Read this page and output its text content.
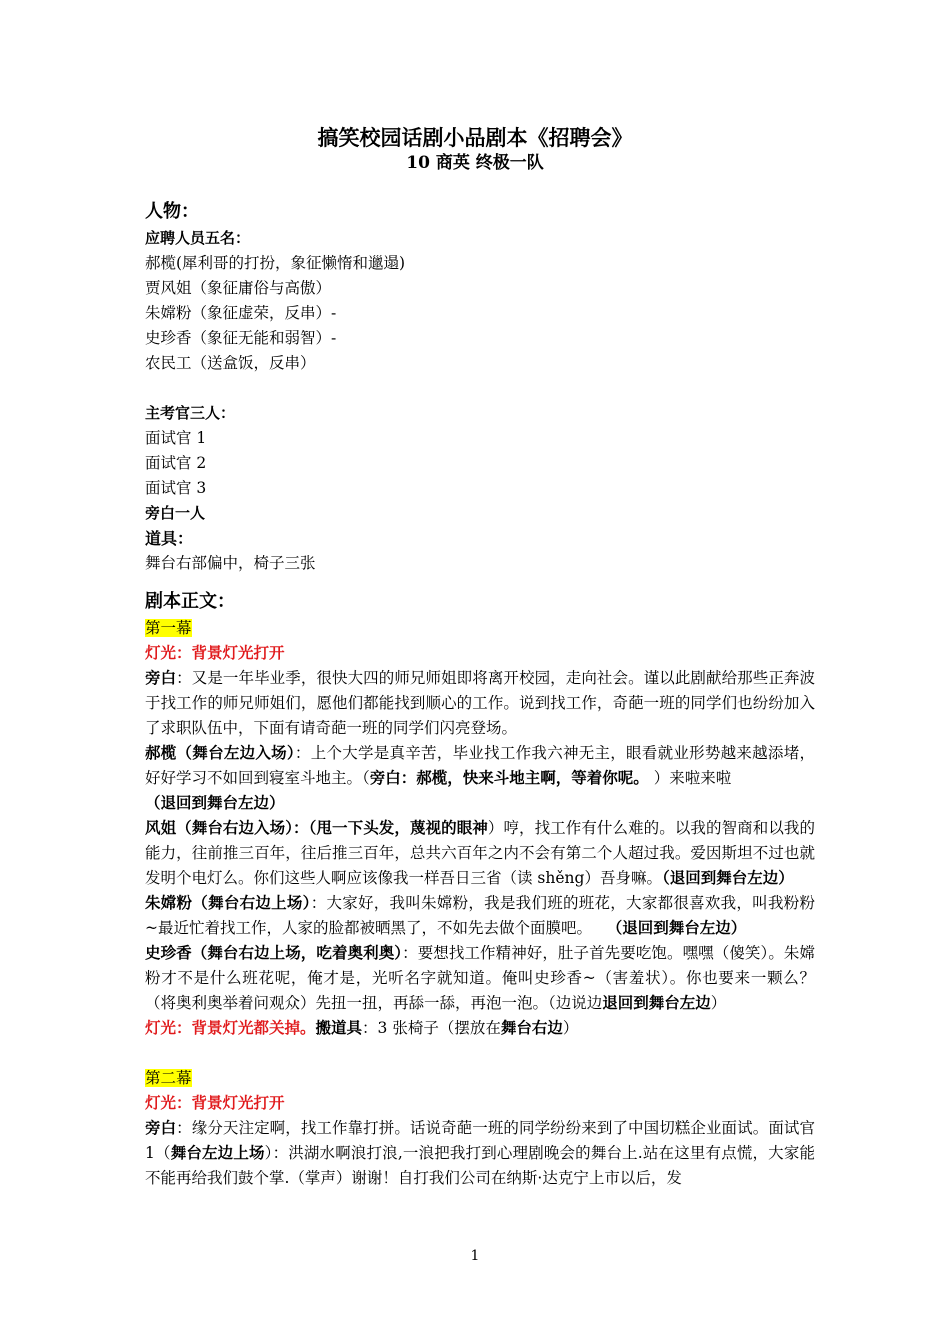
搞笑校园话剧小品剧本《招聘会》
10 商英 终极一队
人物：

应聘人员五名：

郝榄(犀利哥的打扮，象征懒惰和邋遢)

贾风姐（象征庸俗与高傲）

朱嫦粉（象征虚荣，反串）-

史珍香（象征无能和弱智）-

农民工（送盒饭，反串）

主考官三人：

面试官 1

面试官 2

面试官 3

旁白一人

道具：

舞台右部偏中，椅子三张

剧本正文：

第一幕

灯光：背景灯光打开

旁白：又是一年毕业季，很快大四的师兄师姐即将离开校园，走向社会。谨以此剧献给那些正奔波于找工作的师兄师姐们，愿他们都能找到顺心的工作。说到找工作，奇葩一班的同学们也纷纷加入了求职队伍中，下面有请奇葩一班的同学们闪亮登场。

郝榄（舞台左边入场）：上个大学是真辛苦，毕业找工作我六神无主，眼看就业形势越来越添堵，好好学习不如回到寝室斗地主。（旁白：郝榄，快来斗地主啊，等着你呢。 ）来啦来啦
（退回到舞台左边）

风姐（舞台右边入场）：（甩一下头发，蔑视的眼神）哼，找工作有什么难的。以我的智商和以我的能力，往前推三百年，往后推三百年，总共六百年之内不会有第二个人超过我。爱因斯坦不过也就发明个电灯么。你们这些人啊应该像我一样吾日三省（读 shěng）吾身嘛。（退回到舞台左边）

朱嫦粉（舞台右边上场）：大家好，我叫朱嫦粉，我是我们班的班花，大家都很喜欢我，叫我粉粉~最近忙着找工作，人家的脸都被晒黑了，不如先去做个面膜吧。 （退回到舞台左边）

史珍香（舞台右边上场，吃着奥利奥）：要想找工作精神好，肚子首先要吃饱。嘿嘿（傻笑）。朱嫦粉才不是什么班花呢，俺才是，光听名字就知道。俺叫史珍香~（害羞状）。你也要来一颗么？（将奥利奥举着问观众）先扭一扭，再舔一舔，再泡一泡。（边说边退回到舞台左边）

灯光：背景灯光都关掉。搬道具：3 张椅子（摆放在舞台右边）

第二幕

灯光：背景灯光打开

旁白：缘分天注定啊，找工作靠打拼。话说奇葩一班的同学纷纷来到了中国切糕企业面试。面试官 1（舞台左边上场）：洪湖水啊浪打浪,一浪把我打到心理剧晚会的舞台上.站在这里有点慌，大家能不能再给我们鼓个掌.（掌声）谢谢！自打我们公司在纳斯·达克宁上市以后，发

1
